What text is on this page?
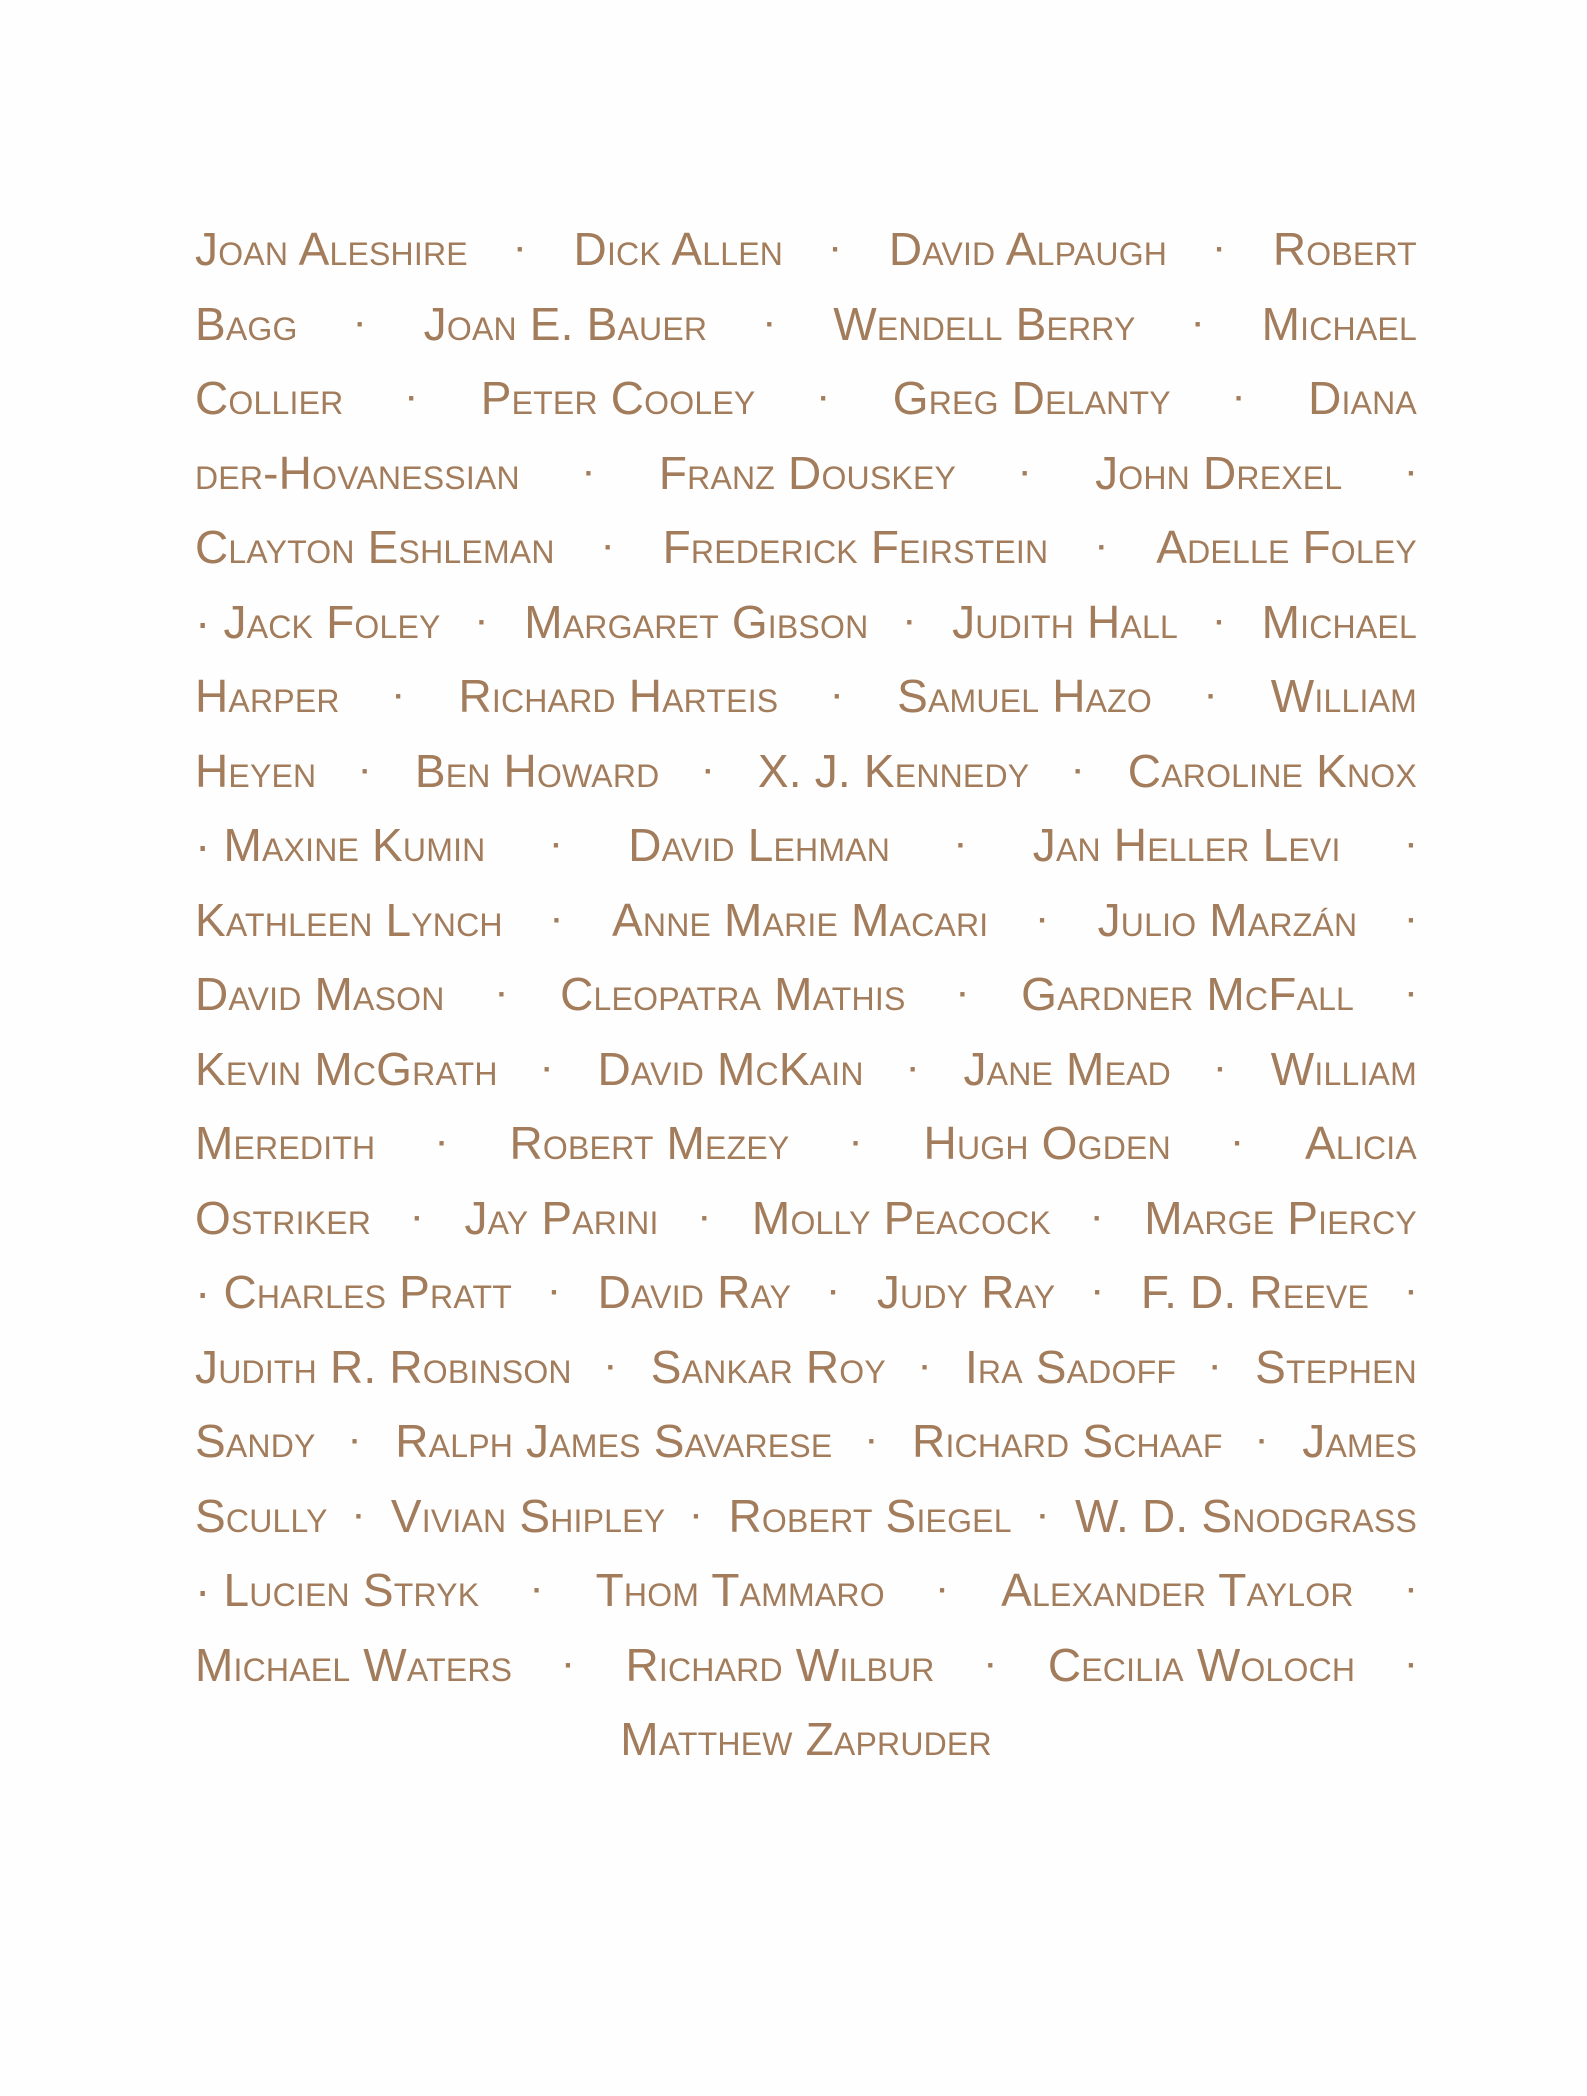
Joan Aleshire · Dick Allen · David Alpaugh · Robert
Bagg · Joan E. Bauer · Wendell Berry · Michael
Collier · Peter Cooley · Greg Delanty · Diana
der-Hovanessian · Franz Douskey · John Drexel ·
Clayton Eshleman · Frederick Feirstein · Adelle Foley
· Jack Foley · Margaret Gibson · Judith Hall · Michael
Harper · Richard Harteis · Samuel Hazo · William
Heyen · Ben Howard · X. J. Kennedy · Caroline Knox
· Maxine Kumin · David Lehman · Jan Heller Levi ·
Kathleen Lynch · Anne Marie Macari · Julio Marzán ·
David Mason · Cleopatra Mathis · Gardner McFall ·
Kevin McGrath · David McKain · Jane Mead · William
Meredith · Robert Mezey · Hugh Ogden · Alicia
Ostriker · Jay Parini · Molly Peacock · Marge Piercy
· Charles Pratt · David Ray · Judy Ray · F. D. Reeve ·
Judith R. Robinson · Sankar Roy · Ira Sadoff · Stephen
Sandy · Ralph James Savarese · Richard Schaaf · James
Scully · Vivian Shipley · Robert Siegel · W. D. Snodgrass
· Lucien Stryk · Thom Tammaro · Alexander Taylor ·
Michael Waters · Richard Wilbur · Cecilia Woloch ·
Matthew Zapruder
